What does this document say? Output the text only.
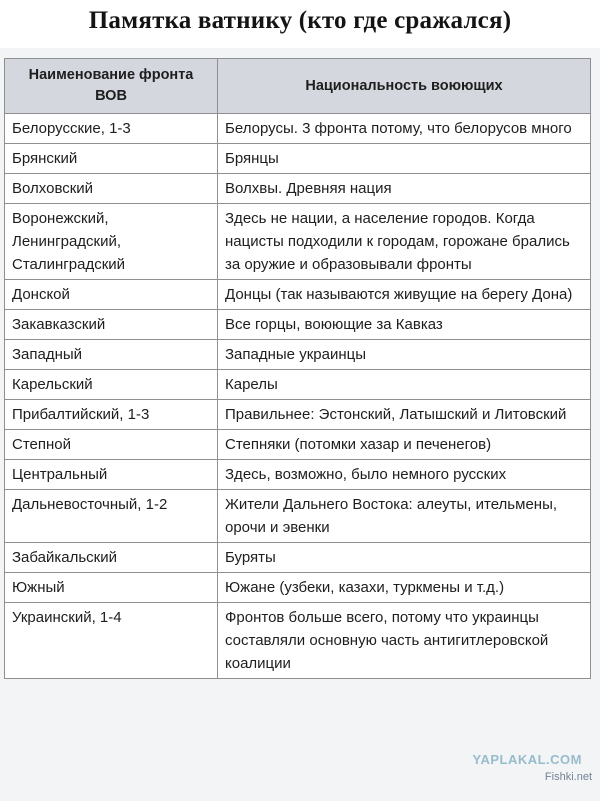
Памятка ватнику (кто где сражался)
Наименование фронта ВОВ	Национальность воюющих
Белорусские, 1-3	Белорусы. 3 фронта потому, что белорусов много
Брянский	Брянцы
Волховский	Волхвы. Древняя нация
Воронежский, Ленинградский, Сталинградский	Здесь не нации, а население городов. Когда нацисты подходили к городам, горожане брались за оружие и образовывали фронты
Донской	Донцы (так называются живущие на берегу Дона)
Закавказский	Все горцы, воюющие за Кавказ
Западный	Западные украинцы
Карельский	Карелы
Прибалтийский, 1-3	Правильнее: Эстонский, Латышский и Литовский
Степной	Степняки (потомки хазар и печенегов)
Центральный	Здесь, возможно, было немного русских
Дальневосточный, 1-2	Жители Дальнего Востока: алеуты, ительмены, орочи и эвенки
Забайкальский	Буряты
Южный	Южане (узбеки, казахи, туркмены и т.д.)
Украинский, 1-4	Фронтов больше всего, потому что украинцы составляли основную часть антигитлеровской коалиции
YAPLAKAL.COM
Fishki.net
